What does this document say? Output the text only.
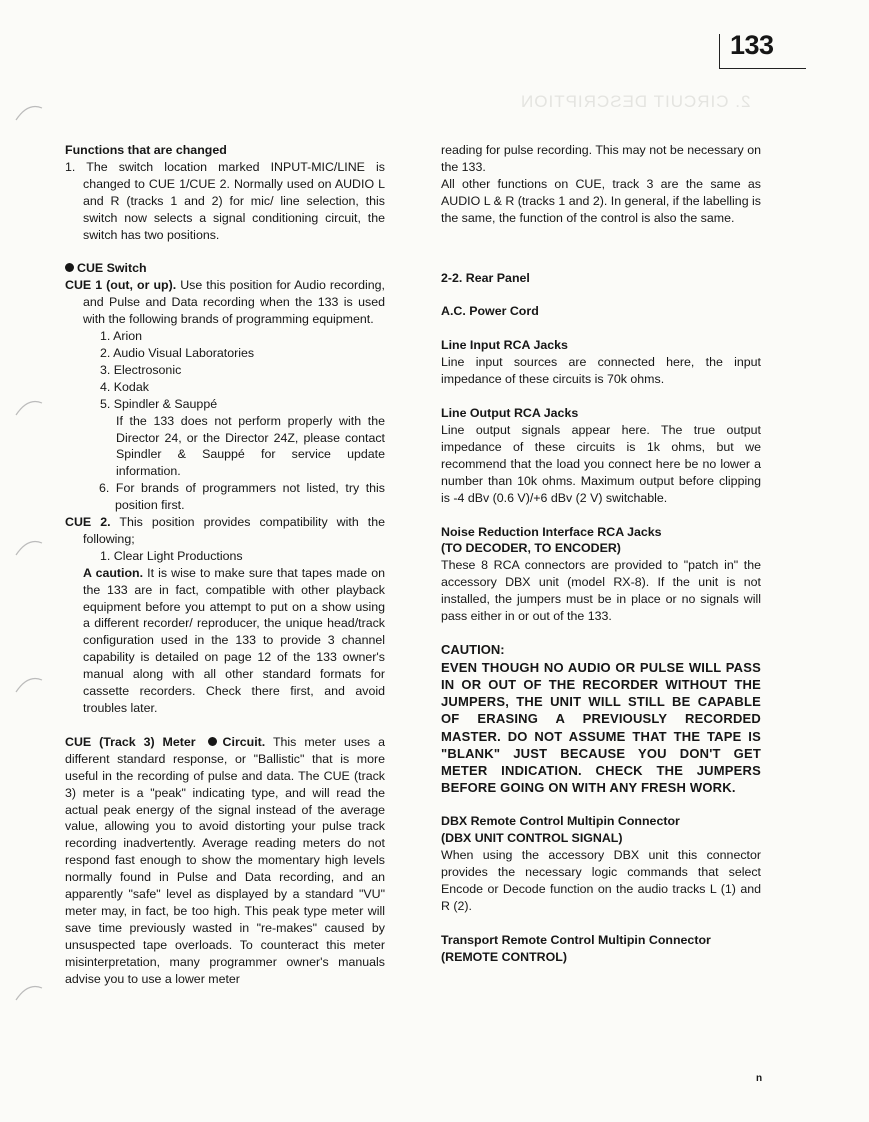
2. CIRCUIT DESCRIPTION
133

Functions that are changed

1. The switch location marked INPUT-MIC/LINE is changed to CUE 1/CUE 2. Normally used on AUDIO L and R (tracks 1 and 2) for mic/ line selection, this switch now selects a signal conditioning circuit, the switch has two positions.

CUE Switch

CUE 1 (out, or up). Use this position for Audio recording, and Pulse and Data recording when the 133 is used with the following brands of programming equipment.

1. Arion

2. Audio Visual Laboratories

3. Electrosonic

4. Kodak

5. Spindler & Sauppé

If the 133 does not perform properly with the Director 24, or the Director 24Z, please contact Spindler & Sauppé for service update information.

6. For brands of programmers not listed, try this position first.

CUE 2. This position provides compatibility with the following;

1. Clear Light Productions

A caution. It is wise to make sure that tapes made on the 133 are in fact, compatible with other playback equipment before you attempt to put on a show using a different recorder/ reproducer, the unique head/track configuration used in the 133 to provide 3 channel capability is detailed on page 12 of the 133 owner's manual along with all other standard formats for cassette recorders. Check there first, and avoid troubles later.

CUE (Track 3) Meter Circuit. This meter uses a different standard response, or "Ballistic" that is more useful in the recording of pulse and data. The CUE (track 3) meter is a "peak" indicating type, and will read the actual peak energy of the signal instead of the average value, allowing you to avoid distorting your pulse track recording inadvertently. Average reading meters do not respond fast enough to show the momentary high levels normally found in Pulse and Data recording, and an apparently "safe" level as displayed by a standard "VU" meter may, in fact, be too high. This peak type meter will save time previously wasted in "re-makes" caused by unsuspected tape overloads. To counteract this meter misinterpretation, many programmer owner's manuals advise you to use a lower meter

reading for pulse recording. This may not be necessary on the 133.

All other functions on CUE, track 3 are the same as AUDIO L & R (tracks 1 and 2). In general, if the labelling is the same, the function of the control is also the same.

2-2. Rear Panel

A.C. Power Cord

Line Input RCA Jacks

Line input sources are connected here, the input impedance of these circuits is 70k ohms.

Line Output RCA Jacks

Line output signals appear here. The true output impedance of these circuits is 1k ohms, but we recommend that the load you connect here be no lower a number than 10k ohms. Maximum output before clipping is -4 dBv (0.6 V)/+6 dBv (2 V) switchable.

Noise Reduction Interface RCA Jacks

(TO DECODER, TO ENCODER)

These 8 RCA connectors are provided to "patch in" the accessory DBX unit (model RX-8). If the unit is not installed, the jumpers must be in place or no signals will pass either in or out of the 133.

CAUTION:

EVEN THOUGH NO AUDIO OR PULSE WILL PASS IN OR OUT OF THE RECORDER WITHOUT THE JUMPERS, THE UNIT WILL STILL BE CAPABLE OF ERASING A PREVIOUSLY RECORDED MASTER. DO NOT ASSUME THAT THE TAPE IS "BLANK" JUST BECAUSE YOU DON'T GET METER INDICATION. CHECK THE JUMPERS BEFORE GOING ON WITH ANY FRESH WORK.

DBX Remote Control Multipin Connector

(DBX UNIT CONTROL SIGNAL)

When using the accessory DBX unit this connector provides the necessary logic commands that select Encode or Decode function on the audio tracks L (1) and R (2).

Transport Remote Control Multipin Connector

(REMOTE CONTROL)

n
